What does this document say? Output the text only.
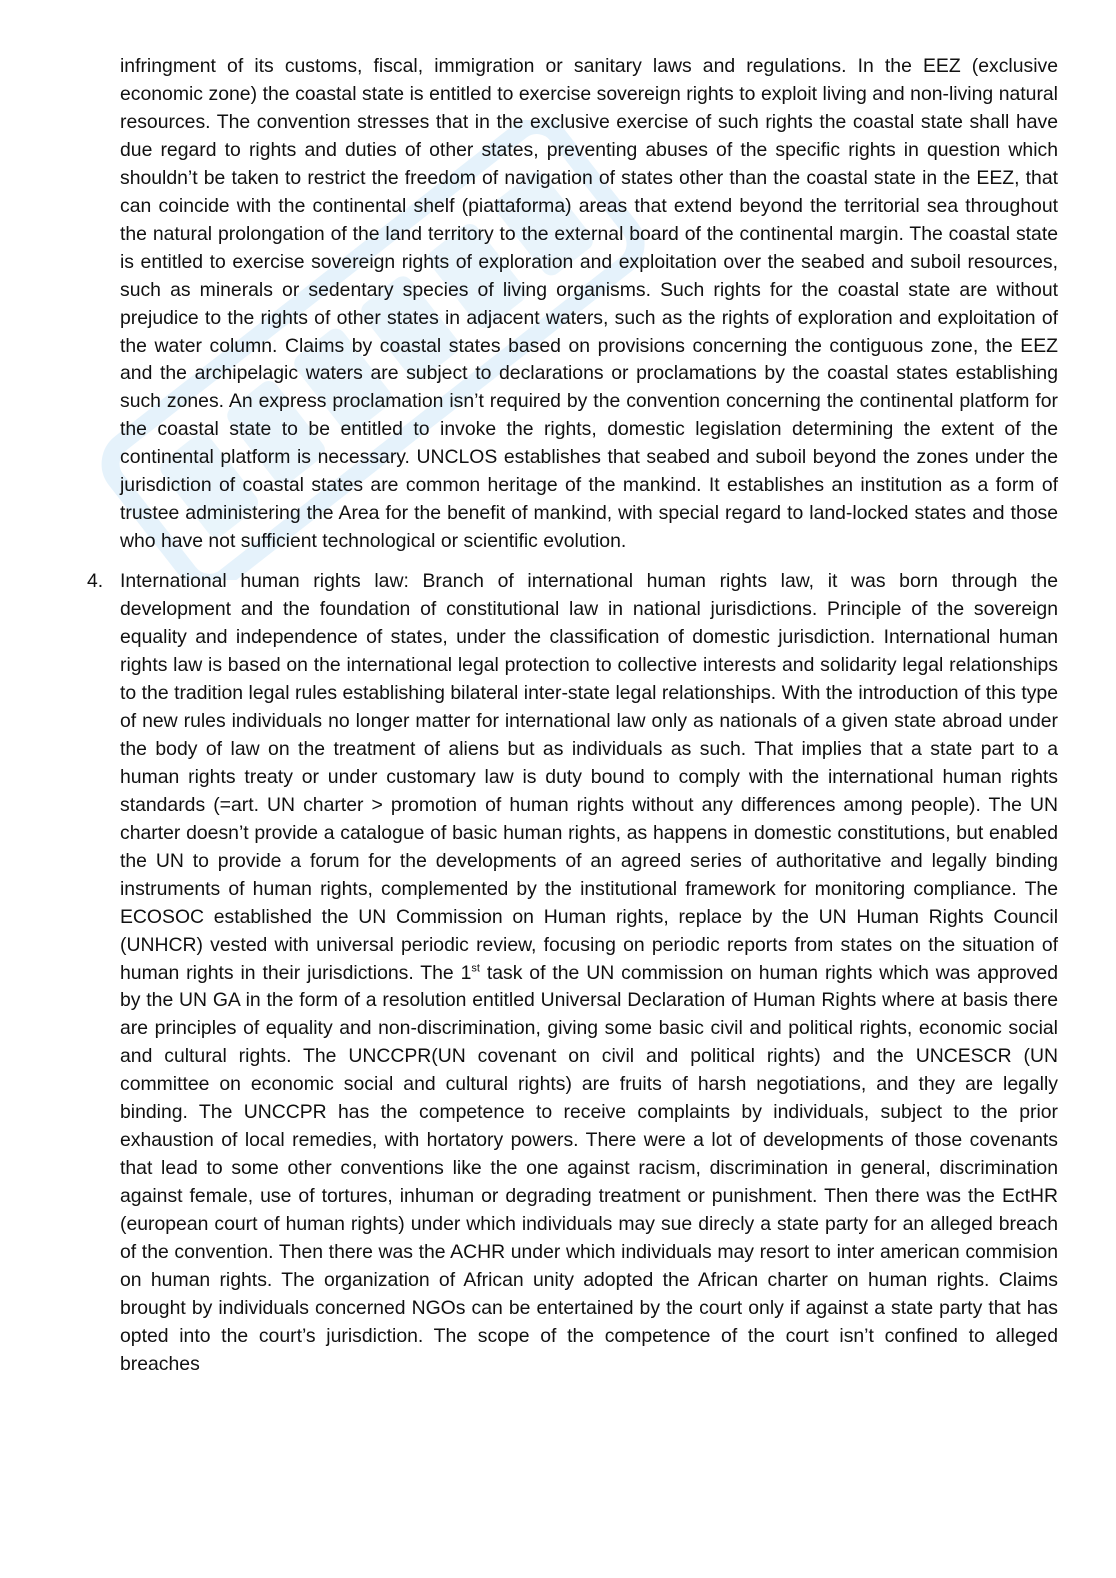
infringment of its customs, fiscal, immigration or sanitary laws and regulations. In the EEZ (exclusive economic zone) the coastal state is entitled to exercise sovereign rights to exploit living and non-living natural resources. The convention stresses that in the exclusive exercise of such rights the coastal state shall have due regard to rights and duties of other states, preventing abuses of the specific rights in question which shouldn’t be taken to restrict the freedom of navigation of states other than the coastal state in the EEZ, that can coincide with the continental shelf (piattaforma) areas that extend beyond the territorial sea throughout the natural prolongation of the land territory to the external board of the continental margin. The coastal state is entitled to exercise sovereign rights of exploration and exploitation over the seabed and suboil resources, such as minerals or sedentary species of living organisms. Such rights for the coastal state are without prejudice to the rights of other states in adjacent waters, such as the rights of exploration and exploitation of the water column. Claims by coastal states based on provisions concerning the contiguous zone, the EEZ and the archipelagic waters are subject to declarations or proclamations by the coastal states establishing such zones. An express proclamation isn’t required by the convention concerning the continental platform for the coastal state to be entitled to invoke the rights, domestic legislation determining the extent of the continental platform is necessary. UNCLOS establishes that seabed and suboil beyond the zones under the jurisdiction of coastal states are common heritage of the mankind. It establishes an institution as a form of trustee administering the Area for the benefit of mankind, with special regard to land-locked states and those who have not sufficient technological or scientific evolution.

4. International human rights law: Branch of international human rights law, it was born through the development and the foundation of constitutional law in national jurisdictions. Principle of the sovereign equality and independence of states, under the classification of domestic jurisdiction. International human rights law is based on the international legal protection to collective interests and solidarity legal relationships to the tradition legal rules establishing bilateral inter-state legal relationships. With the introduction of this type of new rules individuals no longer matter for international law only as nationals of a given state abroad under the body of law on the treatment of aliens but as individuals as such. That implies that a state part to a human rights treaty or under customary law is duty bound to comply with the international human rights standards (=art. UN charter > promotion of human rights without any differences among people). The UN charter doesn’t provide a catalogue of basic human rights, as happens in domestic constitutions, but enabled the UN to provide a forum for the developments of an agreed series of authoritative and legally binding instruments of human rights, complemented by the institutional framework for monitoring compliance. The ECOSOC established the UN Commission on Human rights, replace by the UN Human Rights Council (UNHCR) vested with universal periodic review, focusing on periodic reports from states on the situation of human rights in their jurisdictions. The 1st task of the UN commission on human rights which was approved by the UN GA in the form of a resolution entitled Universal Declaration of Human Rights where at basis there are principles of equality and non-discrimination, giving some basic civil and political rights, economic social and cultural rights. The UNCCPR(UN covenant on civil and political rights) and the UNCESCR (UN committee on economic social and cultural rights) are fruits of harsh negotiations, and they are legally binding. The UNCCPR has the competence to receive complaints by individuals, subject to the prior exhaustion of local remedies, with hortatory powers. There were a lot of developments of those covenants that lead to some other conventions like the one against racism, discrimination in general, discrimination against female, use of tortures, inhuman or degrading treatment or punishment. Then there was the EctHR (european court of human rights) under which individuals may sue direcly a state party for an alleged breach of the convention. Then there was the ACHR under which individuals may resort to inter american commision on human rights. The organization of African unity adopted the African charter on human rights. Claims brought by individuals concerned NGOs can be entertained by the court only if against a state party that has opted into the court’s jurisdiction. The scope of the competence of the court isn’t confined to alleged breaches
